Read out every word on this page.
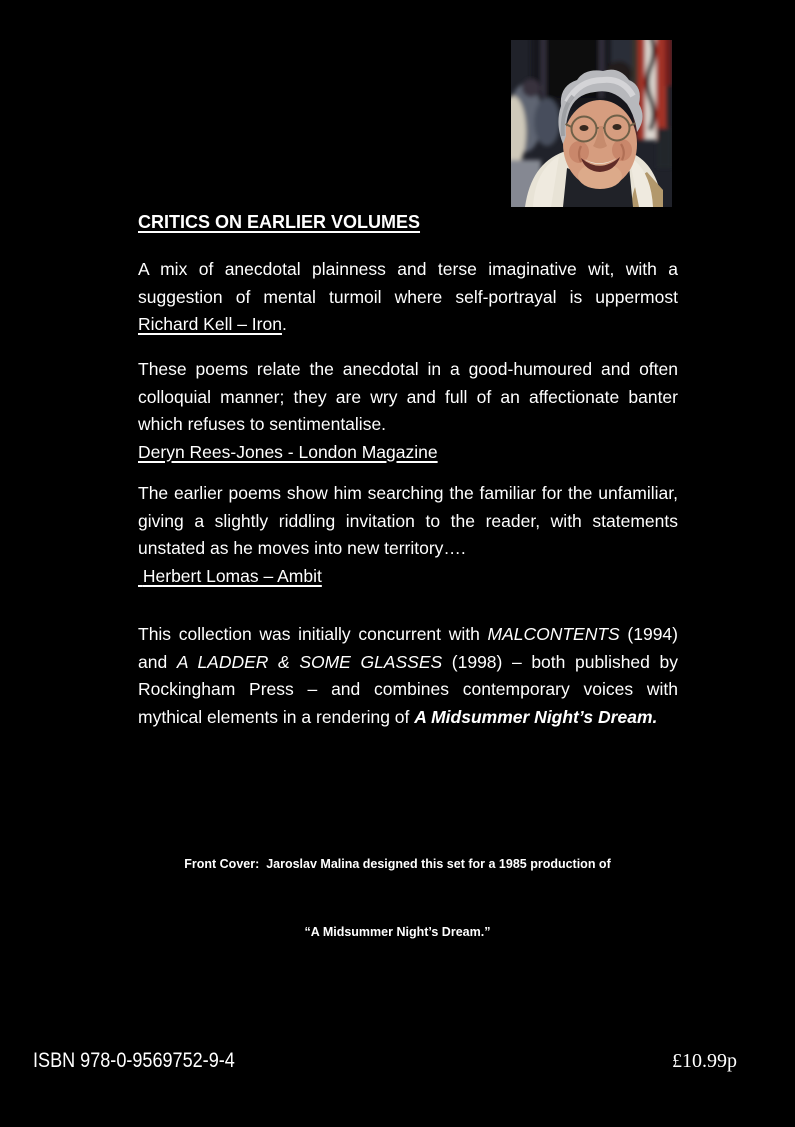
CRITICS ON EARLIER VOLUMES
A mix of anecdotal plainness and terse imaginative wit, with a
suggestion of mental turmoil where self-portrayal is uppermost
Richard Kell – Iron.
These poems relate the anecdotal in a good-humoured and often
colloquial manner; they are wry and full of an affectionate banter
which refuses to sentimentalise.
Deryn Rees-Jones - London Magazine
The earlier poems show him searching the familiar for the unfamiliar,
giving a slightly riddling invitation to the reader, with statements
unstated as he moves into new territory….
Herbert Lomas – Ambit
This collection was initially concurrent with MALCONTENTS (1994)
and A LADDER & SOME GLASSES (1998) – both published by
Rockingham Press – and combines contemporary voices with
mythical elements in a rendering of A Midsummer Night’s Dream.

Front Cover:  Jaroslav Malina designed this set for a 1985 production of

“A Midsummer Night’s Dream.”

ISBN 978-0-9569752-9-4	£10.99p
